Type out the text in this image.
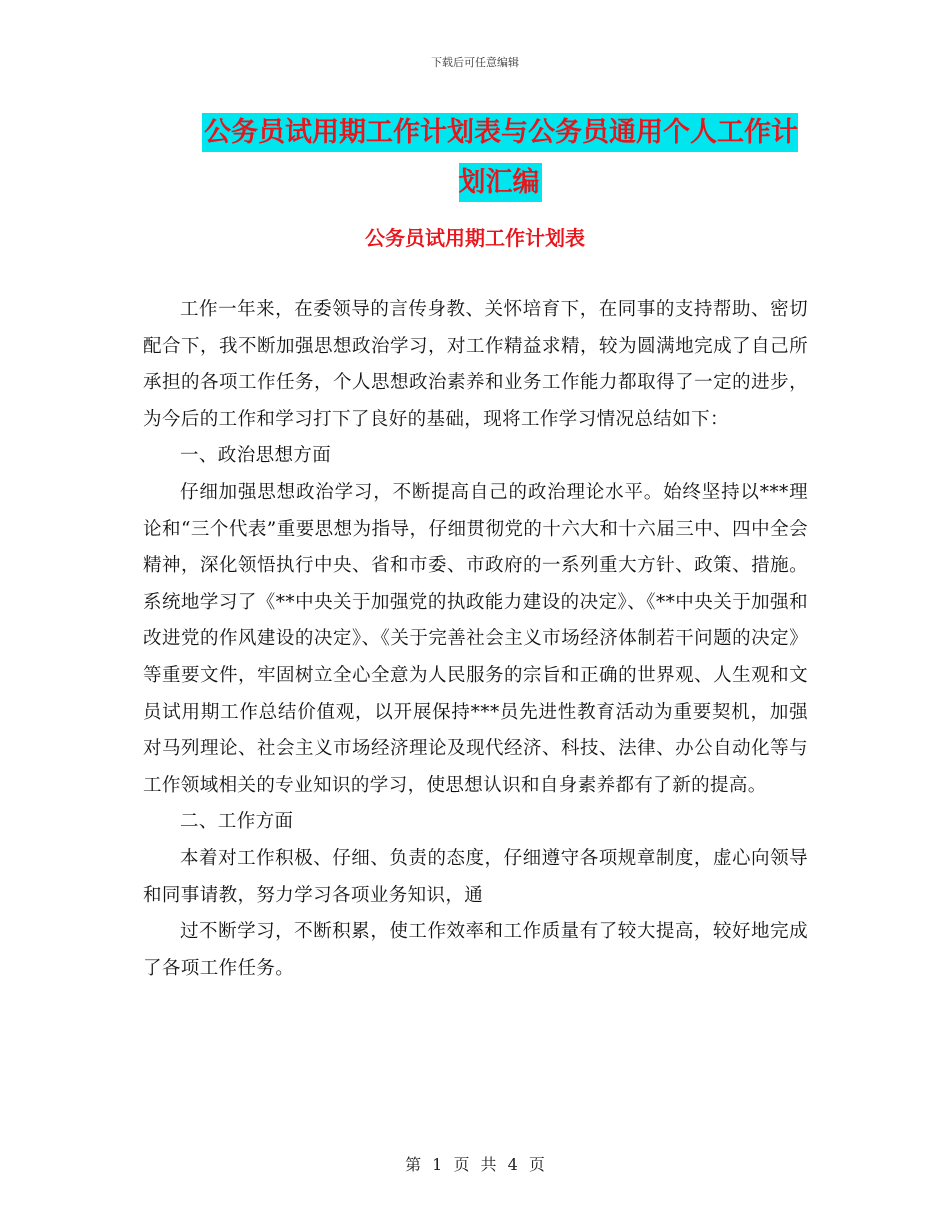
下载后可任意编辑
公务员试用期工作计划表与公务员通用个人工作计划汇编
公务员试用期工作计划表

工作一年来，在委领导的言传身教、关怀培育下，在同事的支持帮助、密切配合下，我不断加强思想政治学习，对工作精益求精，较为圆满地完成了自己所承担的各项工作任务，个人思想政治素养和业务工作能力都取得了一定的进步，为今后的工作和学习打下了良好的基础，现将工作学习情况总结如下：

一、政治思想方面

仔细加强思想政治学习，不断提高自己的政治理论水平。始终坚持以***理论和“三个代表”重要思想为指导，仔细贯彻党的十六大和十六届三中、四中全会精神，深化领悟执行中央、省和市委、市政府的一系列重大方针、政策、措施。系统地学习了《**中央关于加强党的执政能力建设的决定》、《**中央关于加强和改进党的作风建设的决定》、《关于完善社会主义市场经济体制若干问题的决定》等重要文件，牢固树立全心全意为人民服务的宗旨和正确的世界观、人生观和文员试用期工作总结价值观，以开展保持***员先进性教育活动为重要契机，加强对马列理论、社会主义市场经济理论及现代经济、科技、法律、办公自动化等与工作领域相关的专业知识的学习，使思想认识和自身素养都有了新的提高。

二、工作方面

本着对工作积极、仔细、负责的态度，仔细遵守各项规章制度，虚心向领导和同事请教，努力学习各项业务知识，通

过不断学习，不断积累，使工作效率和工作质量有了较大提高，较好地完成了各项工作任务。

第 1 页 共 4 页
